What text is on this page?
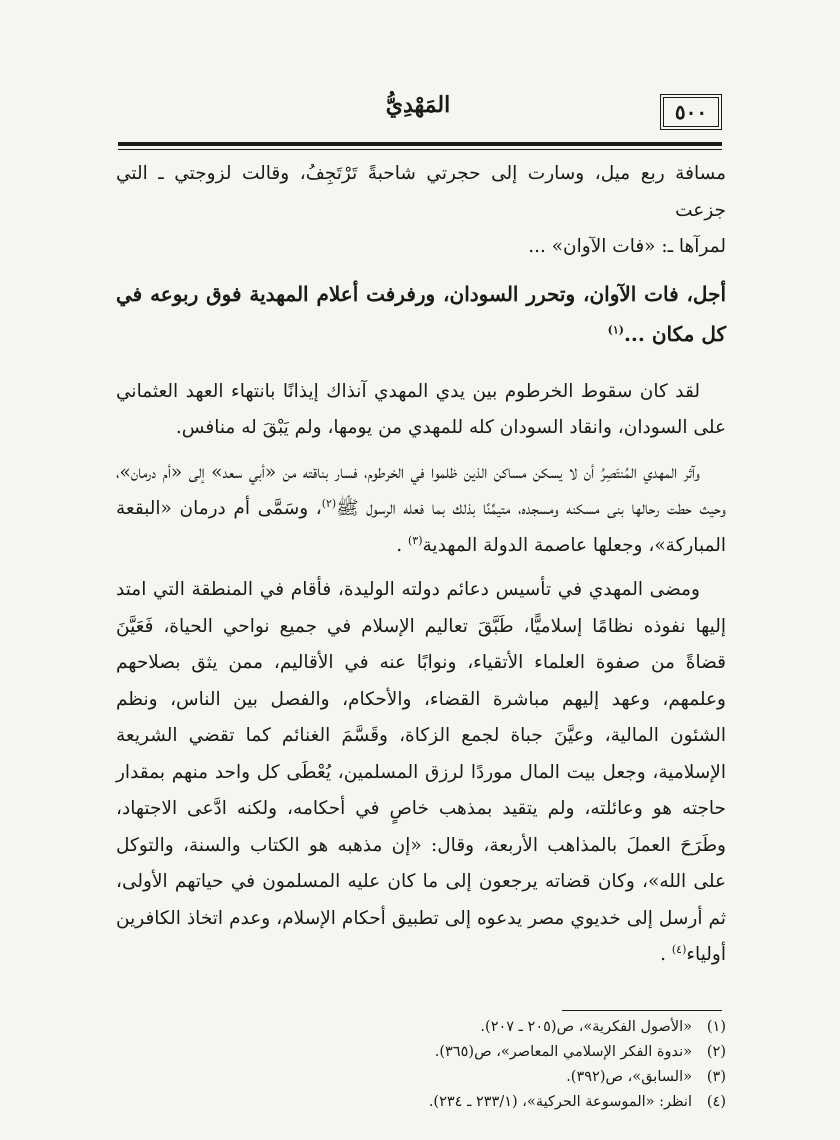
المَهْدِيُّ	٥٠٠

مسافة ربع ميل، وسارت إلى حجرتي شاحبةً تَرْتَجِفُ، وقالت لزوجتي ـ التي جزعت
لمرآها ـ: «فات الآوان» ...

أجل، فات الآوان، وتحرر السودان، ورفرفت أعلام المهدية فوق ربوعه في كل مكان ...$^{(١)}$

لقد كان سقوط الخرطوم بين يدي المهدي آنذاك إيذانًا بانتهاء العهد العثماني على السودان، وانقاد السودان كله للمهدي من يومها، ولم يَبْقَ له منافس.

وآثر المهدي المُنتَصِرُ أن لا يسكن مساكن الذين ظلموا في الخرطوم، فسار بناقته من «أبي سعد» إلى «أم درمان»، وحيث حطت رحالها بنى مسكنه ومسجده، متيمِّنًا بذلك بما فعله الرسول ﷺ$^{(٢)}$، وسَمَّى أم درمان «البقعة المباركة»، وجعلها عاصمة الدولة المهدية$^{(٣)}$ .

ومضى المهدي في تأسيس دعائم دولته الوليدة، فأقام في المنطقة التي امتد إليها نفوذه نظامًا إسلاميًّا، طَبَّقَ تعاليم الإسلام في جميع نواحي الحياة، فَعَيَّنَ قضاةً من صفوة العلماء الأتقياء، ونوابًا عنه في الأقاليم، ممن يثق بصلاحهم وعلمهم، وعهد إليهم مباشرة القضاء، والأحكام، والفصل بين الناس، ونظم الشئون المالية، وعيَّنَ جباة لجمع الزكاة، وقَسَّمَ الغنائم كما تقضي الشريعة الإسلامية، وجعل بيت المال موردًا لرزق المسلمين، يُعْطَى كل واحد منهم بمقدار حاجته هو وعائلته، ولم يتقيد بمذهب خاصٍ في أحكامه، ولكنه ادَّعى الاجتهاد، وطَرَحَ العملَ بالمذاهب الأربعة، وقال: «إن مذهبه هو الكتاب والسنة، والتوكل على الله»، وكان قضاته يرجعون إلى ما كان عليه المسلمون في حياتهم الأولى، ثم أرسل إلى خديوي مصر يدعوه إلى تطبيق أحكام الإسلام، وعدم اتخاذ الكافرين أولياء$^{(٤)}$ .

(١)«الأصول الفكرية»، ص(٢٠٥ ـ ٢٠٧).

(٢)«ندوة الفكر الإسلامي المعاصر»، ص(٣٦٥).

(٣)«السابق»، ص(٣٩٢).

(٤)انظر: «الموسوعة الحركية»، (٢٣٣/١ ـ ٢٣٤).
